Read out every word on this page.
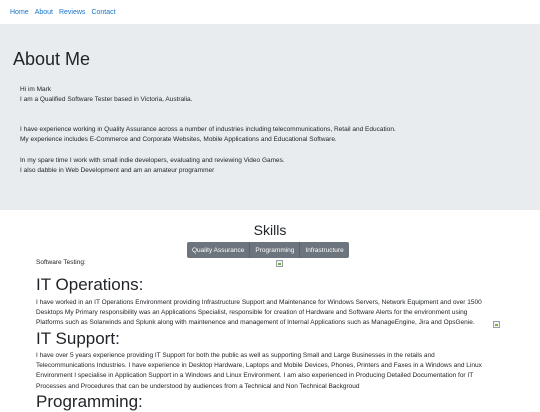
Home About Reviews Contact
About Me

Hi im Mark
I am a Qualified Software Tester based in Victoria, Australia.

I have experience working in Quality Assurance across a number of industries including telecommunications, Retail and Education.
My experience includes E-Commerce and Corporate Websites, Mobile Applications and Educational Software.

In my spare time I work with small indie developers, evaluating and reviewing Video Games.
I also dabble in Web Development and am an amateur programmer

Skills
Quality Assurance	Programming	Infrastructure
Software Testing:
IT Operations:

I have worked in an IT Operations Environment providing Infrastructure Support and Maintenance for Windows Servers, Network Equipment and over 1500
Desktops My Primary responsibility was an Applications Specialist, responsible for creation of Hardware and Software Alerts for the environment using
Platforms such as Solarwinds and Splunk along with maintenence and management of Internal Applications such as ManageEngine, Jira and OpsGenie.

IT Support:

I have over 5 years experience providing IT Support for both the public as well as supporting Small and Large Businesses in the retails and
Telecommunications Industries. I have experience in Desktop Hardware, Laptops and Mobile Devices, Phones, Printers and Faxes in a Windows and Linux
Environment I specialise in Application Support in a Windows and Linux Environment. I am also experienced in Producing Detailed Documentation for IT
Processes and Procedures that can be understood by audiences from a Technical and Non Technical Backgroud

Programming:
